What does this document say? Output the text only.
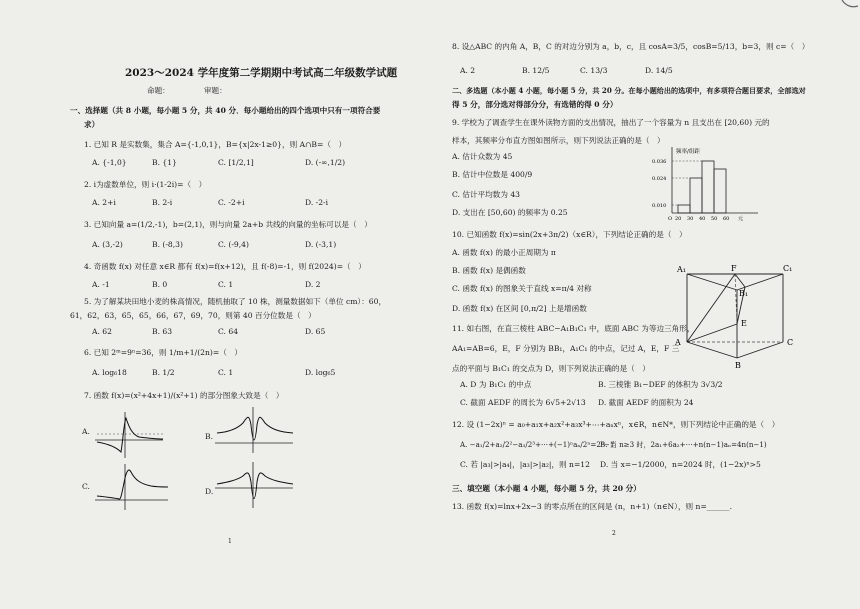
2023～2024 学年度第二学期期中考试高二年级数学试题
命题：　　　　　审题：
一、选择题（共 8 小题，每小题 5 分，共 40 分．每小题给出的四个选项中只有一项符合要
求）
1. 已知 R 是实数集，集合 A={-1,0,1}，B={x|2x-1≥0}，则 A∩B=（　）
A. {-1,0}	B. {1}	C. [1/2,1]	D. (-∞,1/2)
2. i为虚数单位，则 i·(1-2i)=（　）
A. 2+i	B. 2-i	C. -2+i	D. -2-i
3. 已知向量 a=(1/2,-1)，b=(2,1)，则与向量 2a+b 共线的向量的坐标可以是（　）
A. (3,-2)	B. (-8,3)	C. (-9,4)	D. (-3,1)
4. 奇函数 f(x) 对任意 x∈R 都有 f(x)=f(x+12)，且 f(-8)=-1，则 f(2024)=（　）
A. -1	B. 0	C. 1	D. 2
5. 为了解某块田地小麦的株高情况，随机抽取了 10 株，测量数据如下（单位 cm）：60，
61，62，63，65，65，66，67，69，70，则第 40 百分位数是（　）
A. 62	B. 63	C. 64	D. 65
6. 已知 2ᵐ=9ⁿ=36，则 1/m+1/(2n)=（　）
A. log₆18	B. 1/2	C. 1	D. log₆5
7. 函数 f(x)=(x²+4x+1)/(x²+1) 的部分图象大致是（　）
A.
B.
C.
D.
1
8. 设△ABC 的内角 A，B，C 的对边分别为 a，b，c，且 cosA=3/5，cosB=5/13，b=3，则 c=（　）
A. 2	B. 12/5	C. 13/3	D. 14/5
二、多选题（本小题 4 小题，每小题 5 分，共 20 分。在每小题给出的选项中，有多项符合题目要求，全部选对
得 5 分，部分选对得部分分，有选错的得 0 分）
9. 学校为了调查学生在课外读物方面的支出情况，抽出了一个容量为 n 且支出在 [20,60) 元的
样本，其频率分布直方图如图所示，则下列说法正确的是（　）
A. 估计众数为 45
B. 估计中位数是 400/9
C. 估计平均数为 43
D. 支出在 [50,60) 的频率为 0.25
频率/组距
0.036
0.024
0.010
O 20 30 40 50 60 元
10. 已知函数 f(x)=sin(2x+3π/2)（x∈R），下列结论正确的是（　）
A. 函数 f(x) 的最小正周期为 π
B. 函数 f(x) 是偶函数
C. 函数 f(x) 的图象关于直线 x=π/4 对称
D. 函数 f(x) 在区间 [0,π/2] 上是增函数
A₁	F	C₁
B₁
E
A	C
B
11. 如右图，在直三棱柱 ABC−A₁B₁C₁ 中，底面 ABC 为等边三角形，
AA₁=AB=6，E，F 分别为 BB₁，A₁C₁ 的中点，记过 A，E，F 三
点的平面与 B₁C₁ 的交点为 D，则下列说法正确的是（　）
A. D 为 B₁C₁ 的中点	B. 三棱锥 B₁−DEF 的体积为 3√3/2
C. 截面 AEDF 的周长为 6√5+2√13 D. 截面 AEDF 的面积为 24
12. 设 (1−2x)ⁿ = a₀+a₁x+a₂x²+a₃x³+⋯+aₙxⁿ，x∈R，n∈N*，则下列结论中正确的是（　）
A. −a₁/2+a₂/2²−a₃/2³+⋯+(−1)ⁿaₙ/2ⁿ=2ⁿ−1
B. 当 n≥3 时，2a₁+6a₂+⋯+n(n−1)aₙ=4n(n−1)
C. 若 |a₃|>|a₄|，|a₃|>|a₂|，则 n=12 D. 当 x=−1/2000，n=2024 时，(1−2x)ⁿ>5
三、填空题（本小题 4 小题，每小题 5 分，共 20 分）
13. 函数 f(x)=lnx+2x−3 的零点所在的区间是 (n，n+1)（n∈N），则 n=______.
2
